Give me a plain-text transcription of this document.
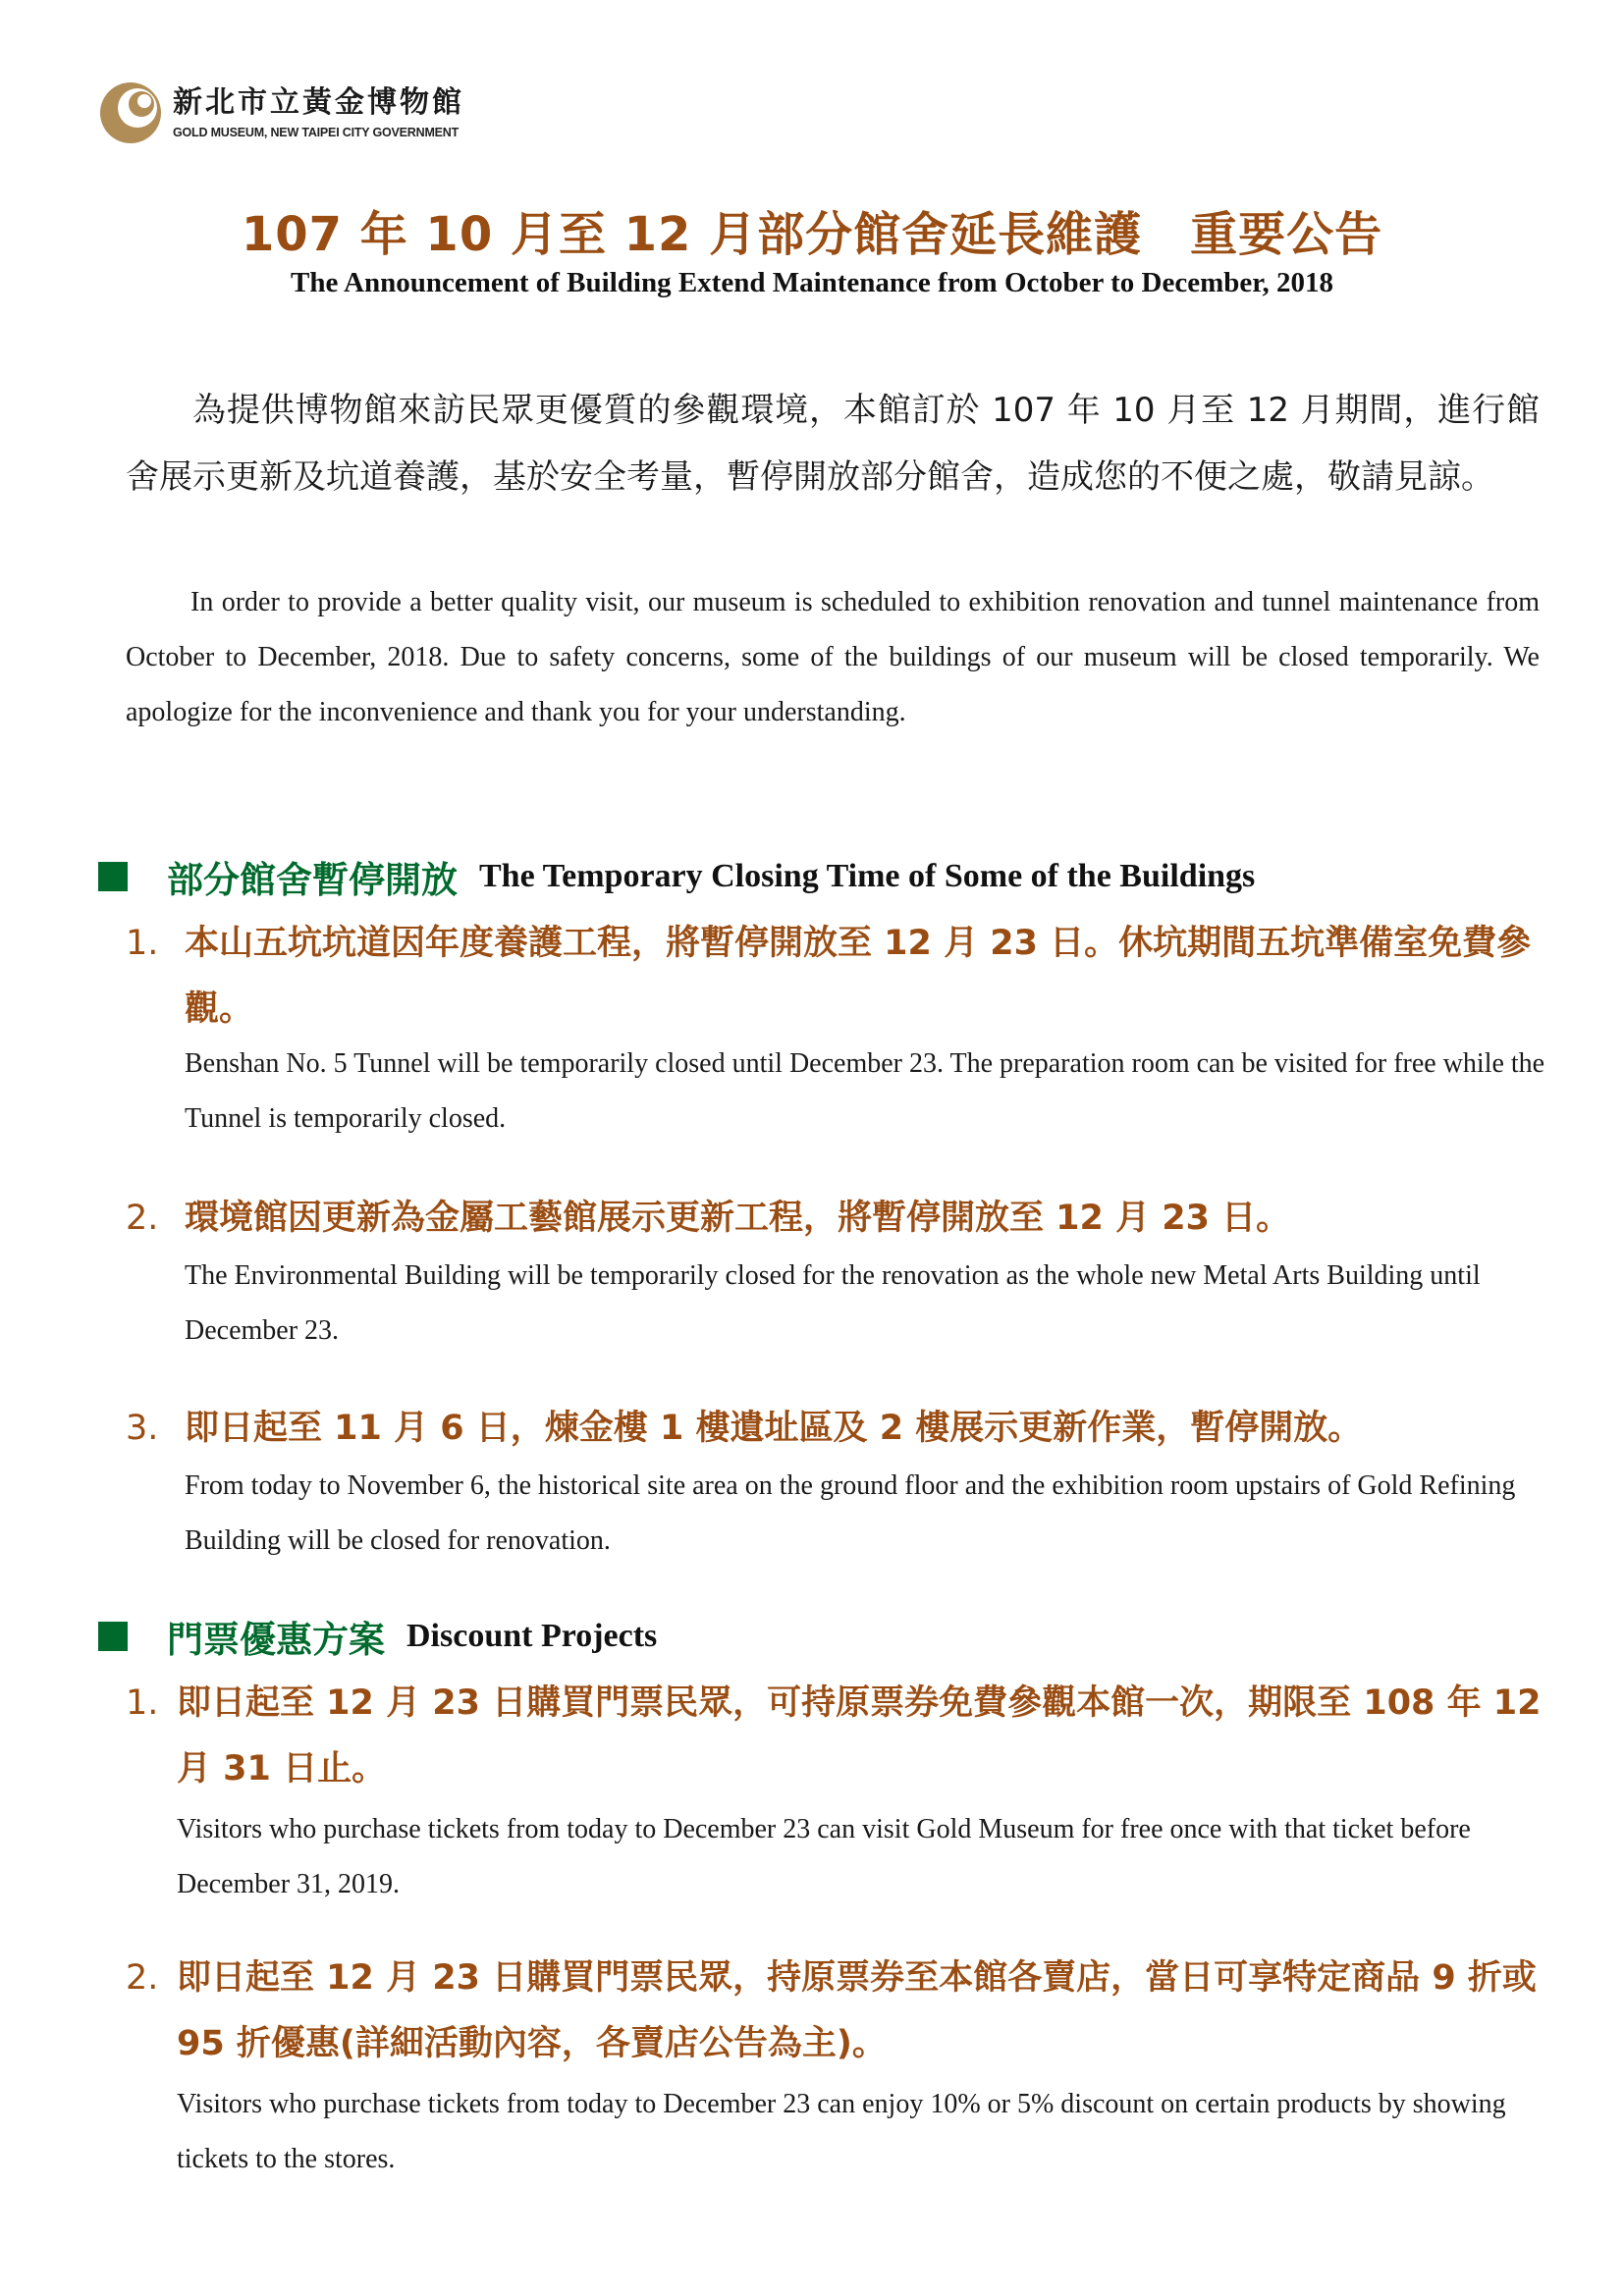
新北市立黃金博物館
GOLD MUSEUM, NEW TAIPEI CITY GOVERNMENT
107 年 10 月至 12 月部分館舍延長維護　重要公告
The Announcement of Building Extend Maintenance from October to December, 2018
為提供博物館來訪民眾更優質的參觀環境，本館訂於 107 年 10 月至 12 月期間，進行館舍展示更新及坑道養護，基於安全考量，暫停開放部分館舍，造成您的不便之處，敬請見諒。
In order to provide a better quality visit, our museum is scheduled to exhibition renovation and tunnel maintenance from October to December, 2018. Due to safety concerns, some of the buildings of our museum will be closed temporarily. We apologize for the inconvenience and thank you for your understanding.
部分館舍暫停開放 The Temporary Closing Time of Some of the Buildings
1. 本山五坑坑道因年度養護工程，將暫停開放至 12 月 23 日。休坑期間五坑準備室免費參觀。
Benshan No. 5 Tunnel will be temporarily closed until December 23. The preparation room can be visited for free while the Tunnel is temporarily closed.
2. 環境館因更新為金屬工藝館展示更新工程，將暫停開放至 12 月 23 日。
The Environmental Building will be temporarily closed for the renovation as the whole new Metal Arts Building until December 23.
3. 即日起至 11 月 6 日，煉金樓 1 樓遺址區及 2 樓展示更新作業，暫停開放。
From today to November 6, the historical site area on the ground floor and the exhibition room upstairs of Gold Refining Building will be closed for renovation.
門票優惠方案 Discount Projects
1. 即日起至 12 月 23 日購買門票民眾，可持原票券免費參觀本館一次，期限至 108 年 12 月 31 日止。
Visitors who purchase tickets from today to December 23 can visit Gold Museum for free once with that ticket before December 31, 2019.
2. 即日起至 12 月 23 日購買門票民眾，持原票券至本館各賣店，當日可享特定商品 9 折或 95 折優惠(詳細活動內容，各賣店公告為主)。
Visitors who purchase tickets from today to December 23 can enjoy 10% or 5% discount on certain products by showing tickets to the stores.
